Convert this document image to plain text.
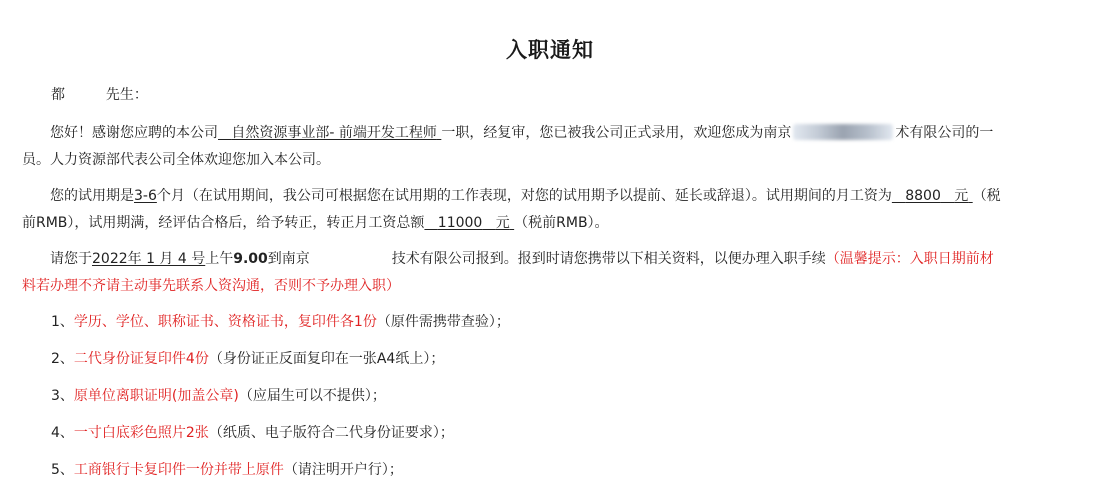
入职通知
都	先生：
您好！感谢您应聘的本公司 自然资源事业部- 前端开发工程师 一职，经复审，您已被我公司正式录用，欢迎您成为南京	术有限公司的一
员。人力资源部代表公司全体欢迎您加入本公司。
您的试用期是3-6个月（在试用期间，我公司可根据您在试用期的工作表现，对您的试用期予以提前、延长或辞退）。试用期间的月工资为 8800 元 （税
前RMB），试用期满，经评估合格后，给予转正，转正月工资总额 11000 元 （税前RMB）。
请您于2022年 1 月 4 号上午9.00到南京	技术有限公司报到。报到时请您携带以下相关资料，以便办理入职手续（温馨提示：入职日期前材
料若办理不齐请主动事先联系人资沟通，否则不予办理入职）
1、学历、学位、职称证书、资格证书，复印件各1份（原件需携带查验）；
2、二代身份证复印件4份（身份证正反面复印在一张A4纸上）；
3、原单位离职证明(加盖公章)（应届生可以不提供）；
4、一寸白底彩色照片2张（纸质、电子版符合二代身份证要求）；
5、工商银行卡复印件一份并带上原件（请注明开户行）；
